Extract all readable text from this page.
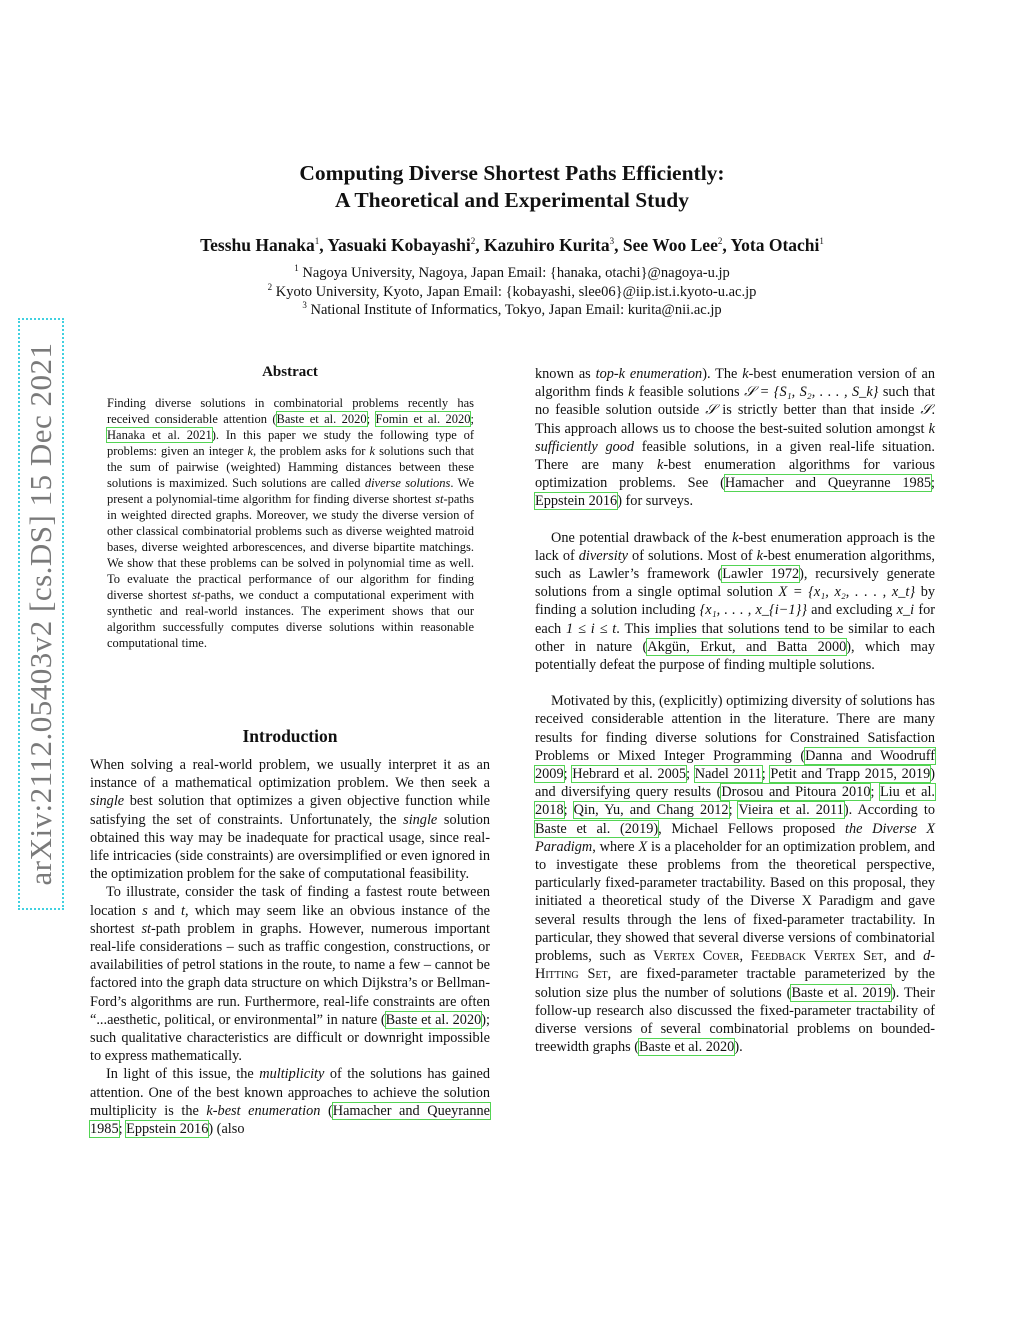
arXiv:2112.05403v2 [cs.DS] 15 Dec 2021
Computing Diverse Shortest Paths Efficiently:
A Theoretical and Experimental Study
Tesshu Hanaka$^1$, Yasuaki Kobayashi$^2$, Kazuhiro Kurita$^3$, See Woo Lee$^2$, Yota Otachi$^1$
$^1$ Nagoya University, Nagoya, Japan Email: {hanaka, otachi}@nagoya-u.jp
$^2$ Kyoto University, Kyoto, Japan Email: {kobayashi, slee06}@iip.ist.i.kyoto-u.ac.jp
$^3$ National Institute of Informatics, Tokyo, Japan Email: kurita@nii.ac.jp
Abstract
Finding diverse solutions in combinatorial problems recently has received considerable attention (Baste et al. 2020; Fomin et al. 2020; Hanaka et al. 2021). In this paper we study the following type of problems: given an integer k, the problem asks for k solutions such that the sum of pairwise (weighted) Hamming distances between these solutions is maximized. Such solutions are called diverse solutions. We present a polynomial-time algorithm for finding diverse shortest st-paths in weighted directed graphs. Moreover, we study the diverse version of other classical combinatorial problems such as diverse weighted matroid bases, diverse weighted arborescences, and diverse bipartite matchings. We show that these problems can be solved in polynomial time as well. To evaluate the practical performance of our algorithm for finding diverse shortest st-paths, we conduct a computational experiment with synthetic and real-world instances. The experiment shows that our algorithm successfully computes diverse solutions within reasonable computational time.
Introduction

When solving a real-world problem, we usually interpret it as an instance of a mathematical optimization problem. We then seek a single best solution that optimizes a given objective function while satisfying the set of constraints. Unfortunately, the single solution obtained this way may be inadequate for practical usage, since real-life intricacies (side constraints) are oversimplified or even ignored in the optimization problem for the sake of computational feasibility.

To illustrate, consider the task of finding a fastest route between location s and t, which may seem like an obvious instance of the shortest st-path problem in graphs. However, numerous important real-life considerations – such as traffic congestion, constructions, or availabilities of petrol stations in the route, to name a few – cannot be factored into the graph data structure on which Dijkstra’s or Bellman-Ford’s algorithms are run. Furthermore, real-life constraints are often “...aesthetic, political, or environmental” in nature (Baste et al. 2020); such qualitative characteristics are difficult or downright impossible to express mathematically.

In light of this issue, the multiplicity of the solutions has gained attention. One of the best known approaches to achieve the solution multiplicity is the k-best enumeration (Hamacher and Queyranne 1985; Eppstein 2016) (also

known as top-k enumeration). The k-best enumeration version of an algorithm finds k feasible solutions 𝒮 = {S₁, S₂, . . . , S_k} such that no feasible solution outside 𝒮 is strictly better than that inside 𝒮. This approach allows us to choose the best-suited solution amongst k sufficiently good feasible solutions, in a given real-life situation. There are many k-best enumeration algorithms for various optimization problems. See (Hamacher and Queyranne 1985; Eppstein 2016) for surveys.

One potential drawback of the k-best enumeration approach is the lack of diversity of solutions. Most of k-best enumeration algorithms, such as Lawler’s framework (Lawler 1972), recursively generate solutions from a single optimal solution X = {x₁, x₂, . . . , x_t} by finding a solution including {x₁, . . . , x_{i−1}} and excluding x_i for each 1 ≤ i ≤ t. This implies that solutions tend to be similar to each other in nature (Akgün, Erkut, and Batta 2000), which may potentially defeat the purpose of finding multiple solutions.

Motivated by this, (explicitly) optimizing diversity of solutions has received considerable attention in the literature. There are many results for finding diverse solutions for Constrained Satisfaction Problems or Mixed Integer Programming (Danna and Woodruff 2009; Hebrard et al. 2005; Nadel 2011; Petit and Trapp 2015, 2019) and diversifying query results (Drosou and Pitoura 2010; Liu et al. 2018; Qin, Yu, and Chang 2012; Vieira et al. 2011). According to Baste et al. (2019), Michael Fellows proposed the Diverse X Paradigm, where X is a placeholder for an optimization problem, and to investigate these problems from the theoretical perspective, particularly fixed-parameter tractability. Based on this proposal, they initiated a theoretical study of the Diverse X Paradigm and gave several results through the lens of fixed-parameter tractability. In particular, they showed that several diverse versions of combinatorial problems, such as Vertex Cover, Feedback Vertex Set, and d-Hitting Set, are fixed-parameter tractable parameterized by the solution size plus the number of solutions (Baste et al. 2019). Their follow-up research also discussed the fixed-parameter tractability of diverse versions of several combinatorial problems on bounded-treewidth graphs (Baste et al. 2020).
